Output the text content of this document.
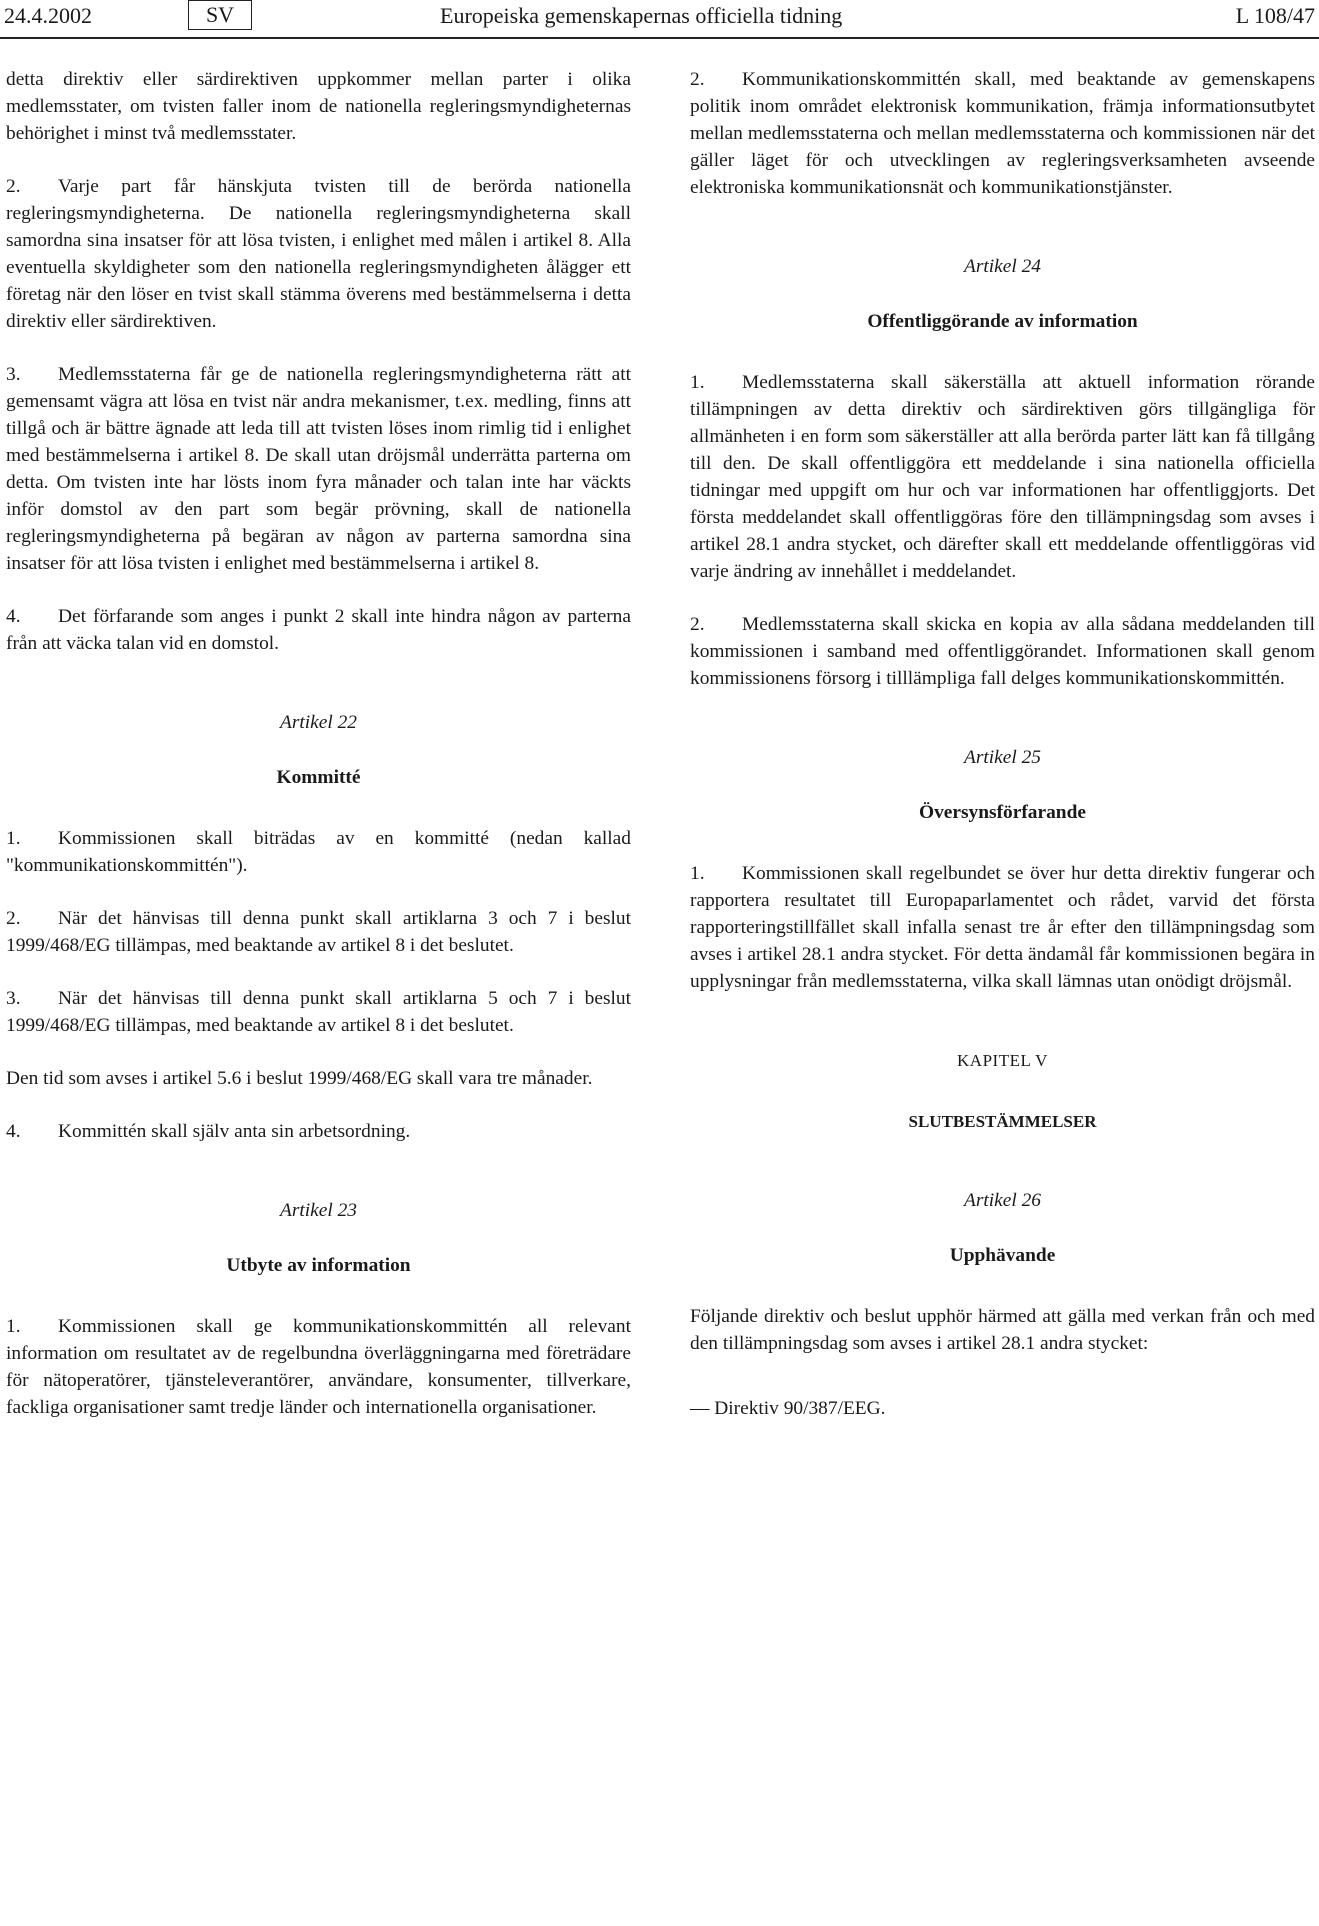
24.4.2002	SV	Europeiska gemenskapernas officiella tidning	L 108/47

detta direktiv eller särdirektiven uppkommer mellan parter i olika medlemsstater, om tvisten faller inom de nationella regleringsmyndigheternas behörighet i minst två medlemsstater.

2. Varje part får hänskjuta tvisten till de berörda nationella regleringsmyndigheterna. De nationella regleringsmyndigheterna skall samordna sina insatser för att lösa tvisten, i enlighet med målen i artikel 8. Alla eventuella skyldigheter som den nationella regleringsmyndigheten ålägger ett företag när den löser en tvist skall stämma överens med bestämmelserna i detta direktiv eller särdirektiven.

3. Medlemsstaterna får ge de nationella regleringsmyndigheterna rätt att gemensamt vägra att lösa en tvist när andra mekanismer, t.ex. medling, finns att tillgå och är bättre ägnade att leda till att tvisten löses inom rimlig tid i enlighet med bestämmelserna i artikel 8. De skall utan dröjsmål underrätta parterna om detta. Om tvisten inte har lösts inom fyra månader och talan inte har väckts inför domstol av den part som begär prövning, skall de nationella regleringsmyndigheterna på begäran av någon av parterna samordna sina insatser för att lösa tvisten i enlighet med bestämmelserna i artikel 8.

4. Det förfarande som anges i punkt 2 skall inte hindra någon av parterna från att väcka talan vid en domstol.

Artikel 22
Kommitté

1. Kommissionen skall biträdas av en kommitté (nedan kallad "kommunikationskommittén").

2. När det hänvisas till denna punkt skall artiklarna 3 och 7 i beslut 1999/468/EG tillämpas, med beaktande av artikel 8 i det beslutet.

3. När det hänvisas till denna punkt skall artiklarna 5 och 7 i beslut 1999/468/EG tillämpas, med beaktande av artikel 8 i det beslutet.

Den tid som avses i artikel 5.6 i beslut 1999/468/EG skall vara tre månader.

4. Kommittén skall själv anta sin arbetsordning.

Artikel 23
Utbyte av information

1. Kommissionen skall ge kommunikationskommittén all relevant information om resultatet av de regelbundna överläggningarna med företrädare för nätoperatörer, tjänsteleverantörer, användare, konsumenter, tillverkare, fackliga organisationer samt tredje länder och internationella organisationer.

2. Kommunikationskommittén skall, med beaktande av gemenskapens politik inom området elektronisk kommunikation, främja informationsutbytet mellan medlemsstaterna och mellan medlemsstaterna och kommissionen när det gäller läget för och utvecklingen av regleringsverksamheten avseende elektroniska kommunikationsnät och kommunikationstjänster.

Artikel 24
Offentliggörande av information

1. Medlemsstaterna skall säkerställa att aktuell information rörande tillämpningen av detta direktiv och särdirektiven görs tillgängliga för allmänheten i en form som säkerställer att alla berörda parter lätt kan få tillgång till den. De skall offentliggöra ett meddelande i sina nationella officiella tidningar med uppgift om hur och var informationen har offentliggjorts. Det första meddelandet skall offentliggöras före den tillämpningsdag som avses i artikel 28.1 andra stycket, och därefter skall ett meddelande offentliggöras vid varje ändring av innehållet i meddelandet.

2. Medlemsstaterna skall skicka en kopia av alla sådana meddelanden till kommissionen i samband med offentliggörandet. Informationen skall genom kommissionens försorg i tilllämpliga fall delges kommunikationskommittén.

Artikel 25
Översynsförfarande

1. Kommissionen skall regelbundet se över hur detta direktiv fungerar och rapportera resultatet till Europaparlamentet och rådet, varvid det första rapporteringstillfället skall infalla senast tre år efter den tillämpningsdag som avses i artikel 28.1 andra stycket. För detta ändamål får kommissionen begära in upplysningar från medlemsstaterna, vilka skall lämnas utan onödigt dröjsmål.

KAPITEL V
SLUTBESTÄMMELSER
Artikel 26
Upphävande

Följande direktiv och beslut upphör härmed att gälla med verkan från och med den tillämpningsdag som avses i artikel 28.1 andra stycket:

— Direktiv 90/387/EEG.
